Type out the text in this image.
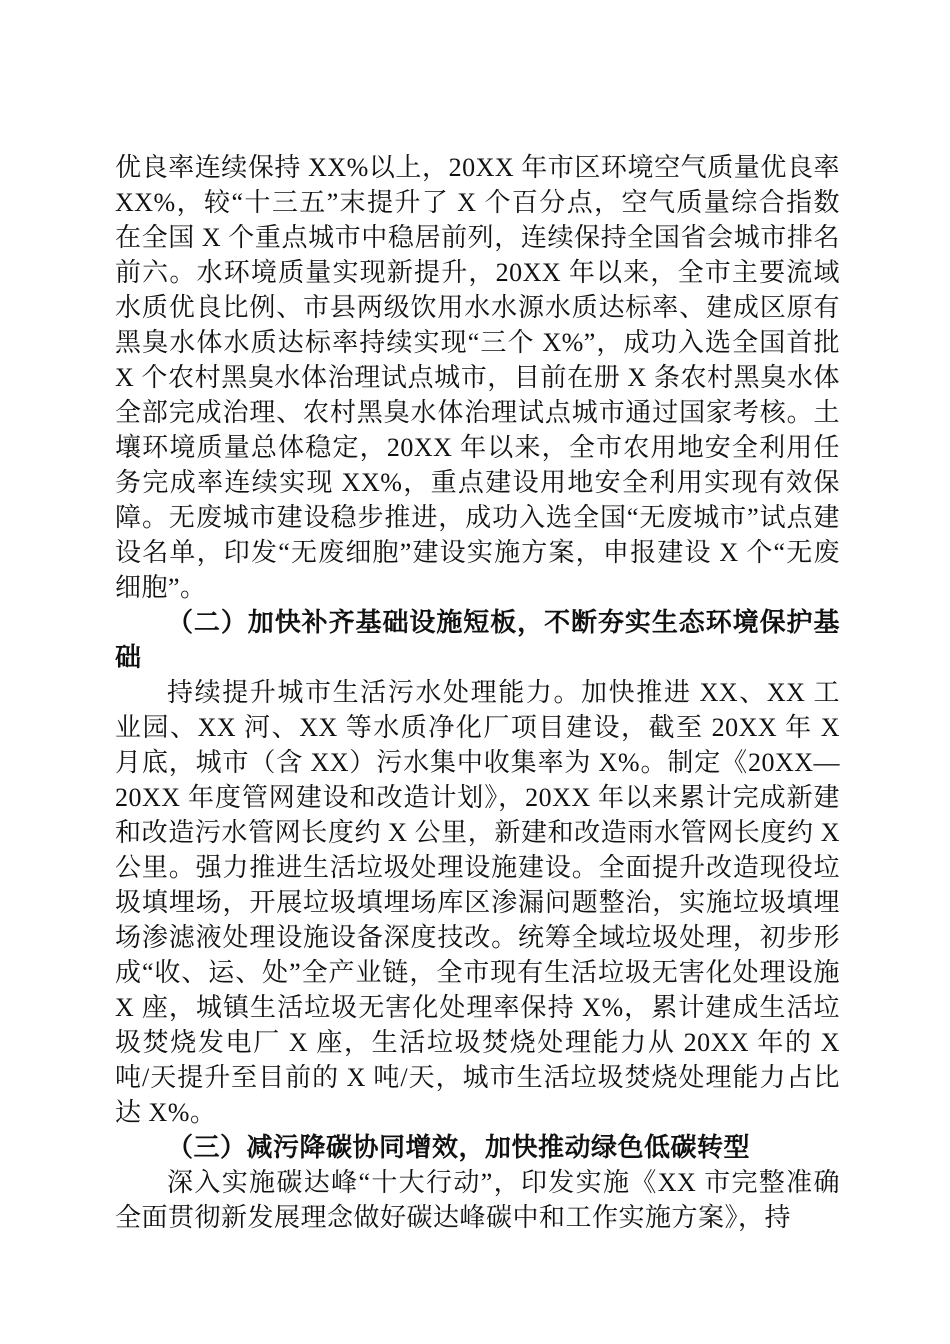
优良率连续保持 XX%以上，20XX 年市区环境空气质量优良率 XX%，较“十三五”末提升了 X 个百分点，空气质量综合指数在全国 X 个重点城市中稳居前列，连续保持全国省会城市排名前六。水环境质量实现新提升，20XX 年以来，全市主要流域水质优良比例、市县两级饮用水水源水质达标率、建成区原有黑臭水体水质达标率持续实现“三个 X%”，成功入选全国首批 X 个农村黑臭水体治理试点城市，目前在册 X 条农村黑臭水体全部完成治理、农村黑臭水体治理试点城市通过国家考核。土壤环境质量总体稳定，20XX 年以来，全市农用地安全利用任务完成率连续实现 XX%，重点建设用地安全利用实现有效保障。无废城市建设稳步推进，成功入选全国“无废城市”试点建设名单，印发“无废细胞”建设实施方案，申报建设 X 个“无废细胞”。

（二）加快补齐基础设施短板，不断夯实生态环境保护基础

持续提升城市生活污水处理能力。加快推进 XX、XX 工业园、XX 河、XX 等水质净化厂项目建设，截至 20XX 年 X 月底，城市（含 XX）污水集中收集率为 X%。制定《20XX—20XX 年度管网建设和改造计划》，20XX 年以来累计完成新建和改造污水管网长度约 X 公里，新建和改造雨水管网长度约 X 公里。强力推进生活垃圾处理设施建设。全面提升改造现役垃圾填埋场，开展垃圾填埋场库区渗漏问题整治，实施垃圾填埋场渗滤液处理设施设备深度技改。统筹全域垃圾处理，初步形成“收、运、处”全产业链，全市现有生活垃圾无害化处理设施 X 座，城镇生活垃圾无害化处理率保持 X%，累计建成生活垃圾焚烧发电厂 X 座，生活垃圾焚烧处理能力从 20XX 年的 X 吨/天提升至目前的 X 吨/天，城市生活垃圾焚烧处理能力占比达 X%。

（三）减污降碳协同增效，加快推动绿色低碳转型

深入实施碳达峰“十大行动”，印发实施《XX 市完整准确全面贯彻新发展理念做好碳达峰碳中和工作实施方案》，持
